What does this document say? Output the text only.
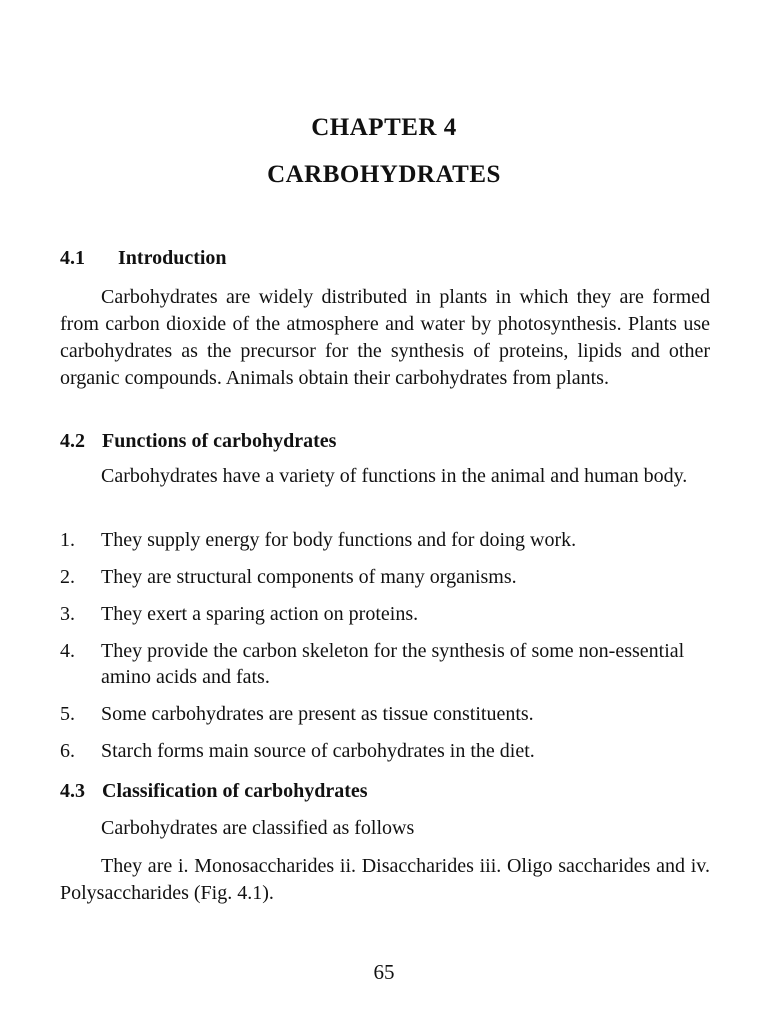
CHAPTER 4
CARBOHYDRATES
4.1 Introduction

Carbohydrates are widely distributed in plants in which they are formed from carbon dioxide of the atmosphere and water by photosynthesis. Plants use carbohydrates as the precursor for the synthesis of proteins, lipids and other organic compounds. Animals obtain their carbohydrates from plants.

4.2 Functions of carbohydrates

Carbohydrates have a variety of functions in the animal and human body.

1. They supply energy for body functions and for doing work.
2. They are structural components of many organisms.
3. They exert a sparing action on proteins.
4. They provide the carbon skeleton for the synthesis of some non-essential amino acids and fats.
5. Some carbohydrates are present as tissue constituents.
6. Starch forms main source of carbohydrates in the diet.
4.3 Classification of carbohydrates

Carbohydrates are classified as follows

They are i. Monosaccharides ii. Disaccharides iii. Oligo saccharides and iv. Polysaccharides (Fig. 4.1).

65
